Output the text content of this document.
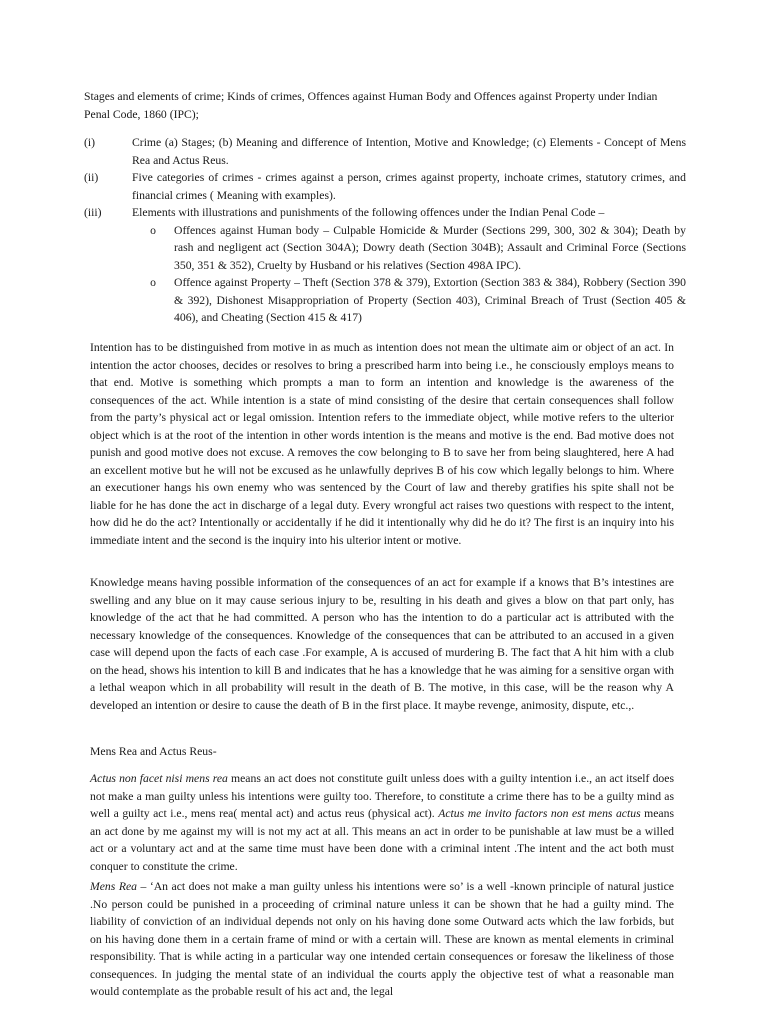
Stages and elements of crime; Kinds of crimes, Offences against Human Body and Offences against Property under Indian Penal Code, 1860 (IPC);

(i)	Crime (a) Stages; (b) Meaning and difference of Intention, Motive and Knowledge; (c) Elements - Concept of Mens Rea and Actus Reus.
(ii)	Five categories of crimes - crimes against a person, crimes against property, inchoate crimes, statutory crimes, and financial crimes ( Meaning with examples).
(iii)	Elements with illustrations and punishments of the following offences under the Indian Penal Code –
o	Offences against Human body – Culpable Homicide & Murder (Sections 299, 300, 302 & 304); Death by rash and negligent act (Section 304A); Dowry death (Section 304B); Assault and Criminal Force (Sections 350, 351 & 352), Cruelty by Husband or his relatives (Section 498A IPC).
o	Offence against Property – Theft (Section 378 & 379), Extortion (Section 383 & 384), Robbery (Section 390 & 392), Dishonest Misappropriation of Property (Section 403), Criminal Breach of Trust (Section 405 & 406), and Cheating (Section 415 & 417)

Intention has to be distinguished from motive in as much as intention does not mean the ultimate aim or object of an act. In intention the actor chooses, decides or resolves to bring a prescribed harm into being i.e., he consciously employs means to that end. Motive is something which prompts a man to form an intention and knowledge is the awareness of the consequences of the act. While intention is a state of mind consisting of the desire that certain consequences shall follow from the party’s physical act or legal omission. Intention refers to the immediate object, while motive refers to the ulterior object which is at the root of the intention in other words intention is the means and motive is the end. Bad motive does not punish and good motive does not excuse. A removes the cow belonging to B to save her from being slaughtered, here A had an excellent motive but he will not be excused as he unlawfully deprives B of his cow which legally belongs to him. Where an executioner hangs his own enemy who was sentenced by the Court of law and thereby gratifies his spite shall not be liable for he has done the act in discharge of a legal duty. Every wrongful act raises two questions with respect to the intent, how did he do the act? Intentionally or accidentally if he did it intentionally why did he do it? The first is an inquiry into his immediate intent and the second is the inquiry into his ulterior intent or motive.

Knowledge means having possible information of the consequences of an act for example if a knows that B’s intestines are swelling and any blue on it may cause serious injury to be, resulting in his death and gives a blow on that part only, has knowledge of the act that he had committed. A person who has the intention to do a particular act is attributed with the necessary knowledge of the consequences. Knowledge of the consequences that can be attributed to an accused in a given case will depend upon the facts of each case .For example, A is accused of murdering B. The fact that A hit him with a club on the head, shows his intention to kill B and indicates that he has a knowledge that he was aiming for a sensitive organ with a lethal weapon which in all probability will result in the death of B. The motive, in this case, will be the reason why A developed an intention or desire to cause the death of B in the first place. It maybe revenge, animosity, dispute, etc.,.

Mens Rea and Actus Reus-

Actus non facet nisi mens rea means an act does not constitute guilt unless does with a guilty intention i.e., an act itself does not make a man guilty unless his intentions were guilty too. Therefore, to constitute a crime there has to be a guilty mind as well a guilty act i.e., mens rea( mental act) and actus reus (physical act). Actus me invito factors non est mens actus means an act done by me against my will is not my act at all. This means an act in order to be punishable at law must be a willed act or a voluntary act and at the same time must have been done with a criminal intent .The intent and the act both must conquer to constitute the crime.

Mens Rea – ‘An act does not make a man guilty unless his intentions were so’ is a well -known principle of natural justice .No person could be punished in a proceeding of criminal nature unless it can be shown that he had a guilty mind. The liability of conviction of an individual depends not only on his having done some Outward acts which the law forbids, but on his having done them in a certain frame of mind or with a certain will. These are known as mental elements in criminal responsibility. That is while acting in a particular way one intended certain consequences or foresaw the likeliness of those consequences. In judging the mental state of an individual the courts apply the objective test of what a reasonable man would contemplate as the probable result of his act and, the legal
